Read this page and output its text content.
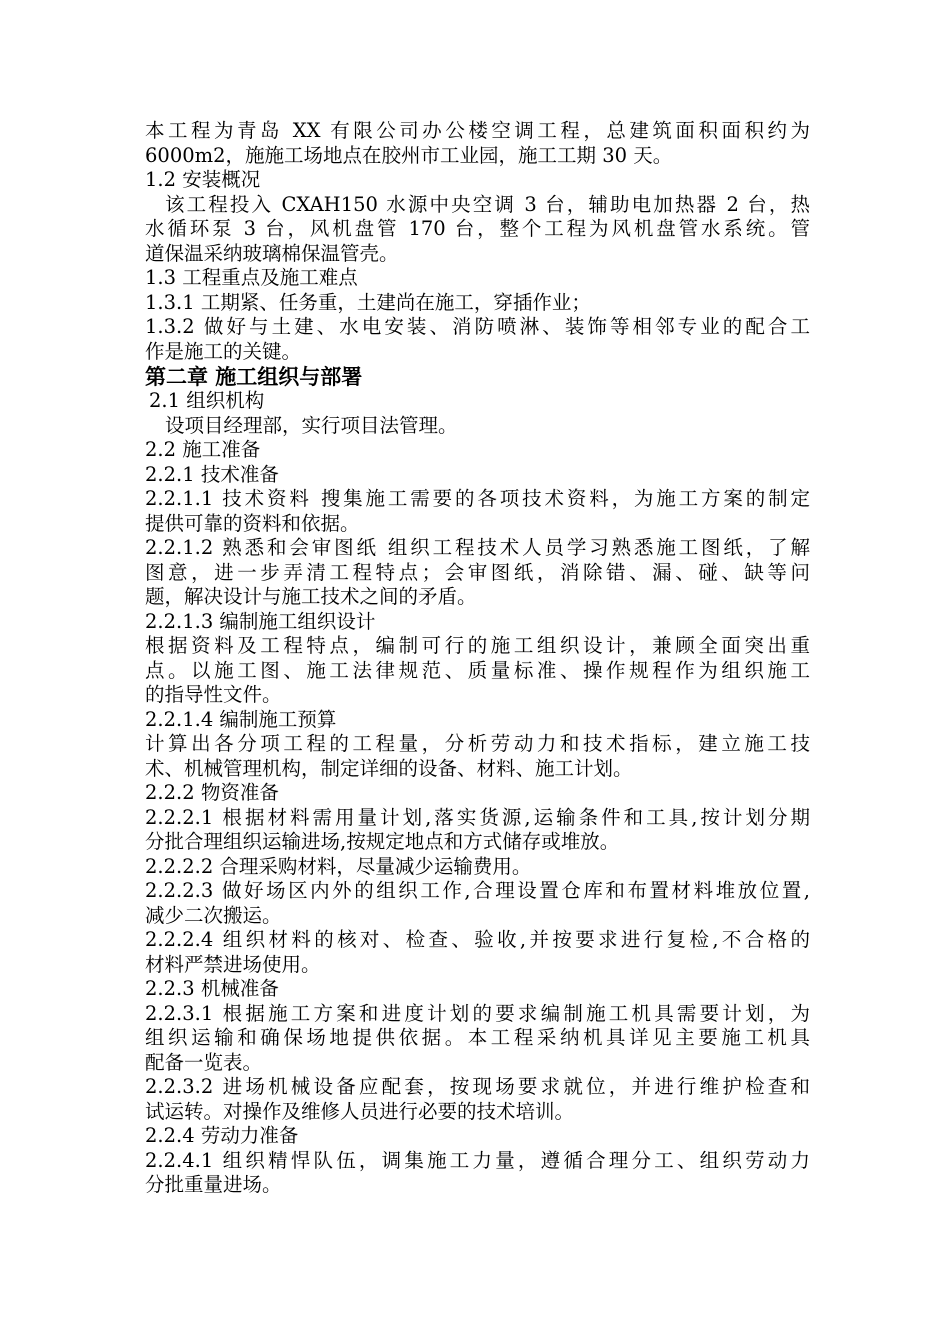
本工程为青岛 XX 有限公司办公楼空调工程，总建筑面积面积约为
6000m2，施施工场地点在胶州市工业园，施工工期 30 天。
1.2 安装概况
该工程投入 CXAH150 水源中央空调 3 台，辅助电加热器 2 台，热
水循环泵 3 台，风机盘管 170 台，整个工程为风机盘管水系统。管
道保温采纳玻璃棉保温管壳。
1.3 工程重点及施工难点
1.3.1 工期紧、任务重，土建尚在施工，穿插作业；
1.3.2 做好与土建、水电安装、消防喷淋、装饰等相邻专业的配合工
作是施工的关键。
第二章 施工组织与部署
2.1 组织机构
设项目经理部，实行项目法管理。
2.2 施工准备
2.2.1 技术准备
2.2.1.1 技术资料 搜集施工需要的各项技术资料，为施工方案的制定
提供可靠的资料和依据。
2.2.1.2 熟悉和会审图纸 组织工程技术人员学习熟悉施工图纸，了解
图意，进一步弄清工程特点；会审图纸，消除错、漏、碰、缺等问
题，解决设计与施工技术之间的矛盾。
2.2.1.3 编制施工组织设计
根据资料及工程特点，编制可行的施工组织设计，兼顾全面突出重
点。以施工图、施工法律规范、质量标准、操作规程作为组织施工
的指导性文件。
2.2.1.4 编制施工预算
计算出各分项工程的工程量，分析劳动力和技术指标，建立施工技
术、机械管理机构，制定详细的设备、材料、施工计划。
2.2.2 物资准备
2.2.2.1 根据材料需用量计划,落实货源,运输条件和工具,按计划分期
分批合理组织运输进场,按规定地点和方式储存或堆放。
2.2.2.2 合理采购材料，尽量减少运输费用。
2.2.2.3 做好场区内外的组织工作,合理设置仓库和布置材料堆放位置,
减少二次搬运。
2.2.2.4 组织材料的核对、检查、验收,并按要求进行复检,不合格的
材料严禁进场使用。
2.2.3 机械准备
2.2.3.1 根据施工方案和进度计划的要求编制施工机具需要计划，为
组织运输和确保场地提供依据。本工程采纳机具详见主要施工机具
配备一览表。
2.2.3.2 进场机械设备应配套，按现场要求就位，并进行维护检查和
试运转。对操作及维修人员进行必要的技术培训。
2.2.4 劳动力准备
2.2.4.1 组织精悍队伍，调集施工力量，遵循合理分工、组织劳动力
分批重量进场。
